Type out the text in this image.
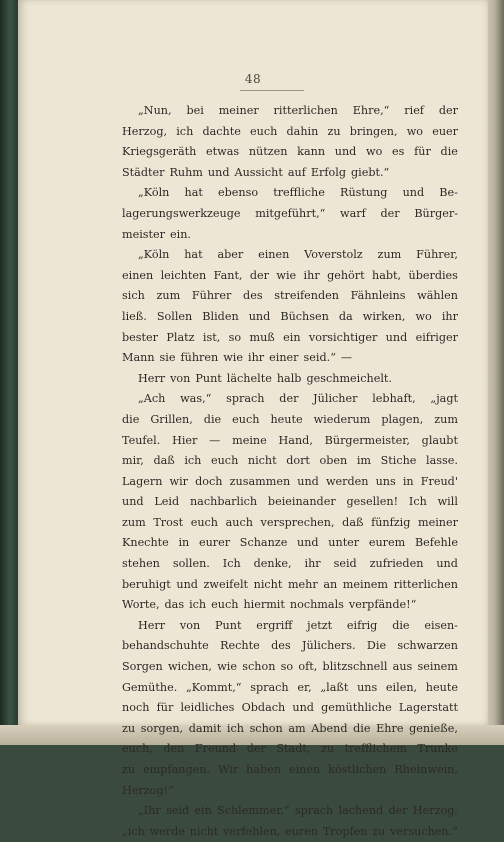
48
„Nun, bei meiner ritterlichen Ehre,“ rief der
Herzog, ich dachte euch dahin zu bringen, wo euer
Kriegsgeräth etwas nützen kann und wo es für die
Städter Ruhm und Aussicht auf Erfolg giebt.“
„Köln hat ebenso treffliche Rüstung und Be-
lagerungswerkzeuge mitgeführt,“ warf der Bürger-
meister ein.
„Köln hat aber einen Voverstolz zum Führer,
einen leichten Fant, der wie ihr gehört habt, überdies
sich zum Führer des streifenden Fähnleins wählen
ließ. Sollen Bliden und Büchsen da wirken, wo ihr
bester Platz ist, so muß ein vorsichtiger und eifriger
Mann sie führen wie ihr einer seid.“ —
Herr von Punt lächelte halb geschmeichelt.
„Ach was,“ sprach der Jülicher lebhaft, „jagt
die Grillen, die euch heute wiederum plagen, zum
Teufel. Hier — meine Hand, Bürgermeister, glaubt
mir, daß ich euch nicht dort oben im Stiche lasse.
Lagern wir doch zusammen und werden uns in Freud'
und Leid nachbarlich beieinander gesellen! Ich will
zum Trost euch auch versprechen, daß fünfzig meiner
Knechte in eurer Schanze und unter eurem Befehle
stehen sollen. Ich denke, ihr seid zufrieden und
beruhigt und zweifelt nicht mehr an meinem ritterlichen
Worte, das ich euch hiermit nochmals verpfände!“
Herr von Punt ergriff jetzt eifrig die eisen-
behandschuhte Rechte des Jülichers. Die schwarzen
Sorgen wichen, wie schon so oft, blitzschnell aus seinem
Gemüthe. „Kommt,“ sprach er, „laßt uns eilen, heute
noch für leidliches Obdach und gemüthliche Lagerstatt
zu sorgen, damit ich schon am Abend die Ehre genieße,
euch, den Freund der Stadt, zu trefflichem Trunke
zu empfangen. Wir haben einen köstlichen Rheinwein,
Herzog!“
„Ihr seid ein Schlemmer,“ sprach lachend der Herzog,
„ich werde nicht verfehlen, euren Tropfen zu versuchen.“
